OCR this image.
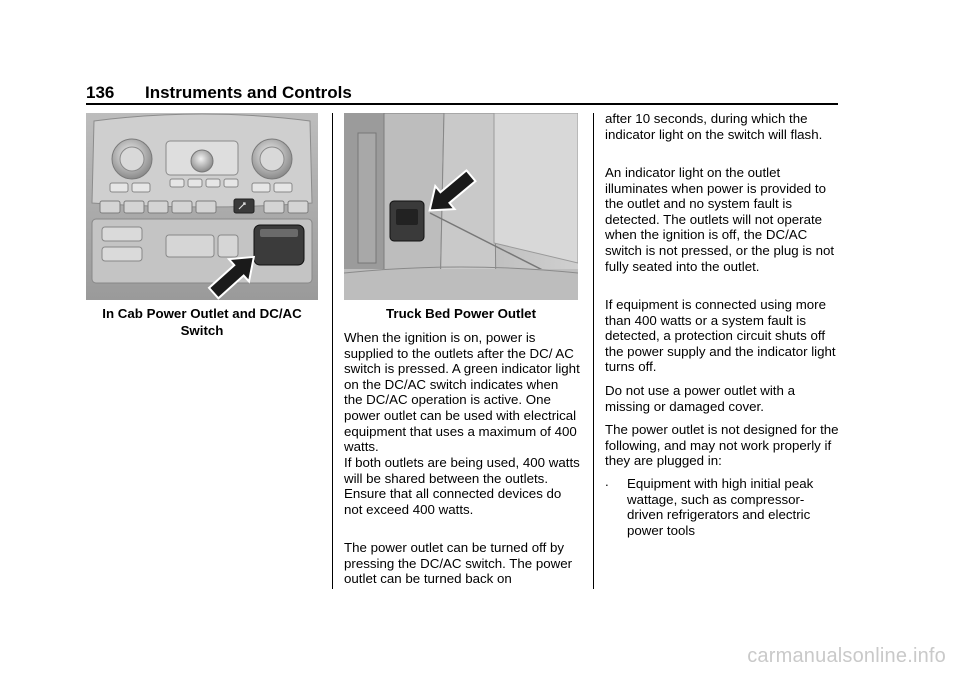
136 Instruments and Controls
In Cab Power Outlet and DC/AC Switch
Truck Bed Power Outlet

When the ignition is on, power is supplied to the outlets after the DC/ AC switch is pressed. A green indicator light on the DC/AC switch indicates when the DC/AC operation is active. One power outlet can be used with electrical equipment that uses a maximum of 400 watts.

If both outlets are being used, 400 watts will be shared between the outlets. Ensure that all connected devices do not exceed 400 watts.

The power outlet can be turned off by pressing the DC/AC switch. The power outlet can be turned back on

after 10 seconds, during which the indicator light on the switch will flash.

An indicator light on the outlet illuminates when power is provided to the outlet and no system fault is detected. The outlets will not operate when the ignition is off, the DC/AC switch is not pressed, or the plug is not fully seated into the outlet.

If equipment is connected using more than 400 watts or a system fault is detected, a protection circuit shuts off the power supply and the indicator light turns off.

Do not use a power outlet with a missing or damaged cover.

The power outlet is not designed for the following, and may not work properly if they are plugged in:

. Equipment with high initial peak wattage, such as compressor-driven refrigerators and electric power tools

carmanualsonline.info
